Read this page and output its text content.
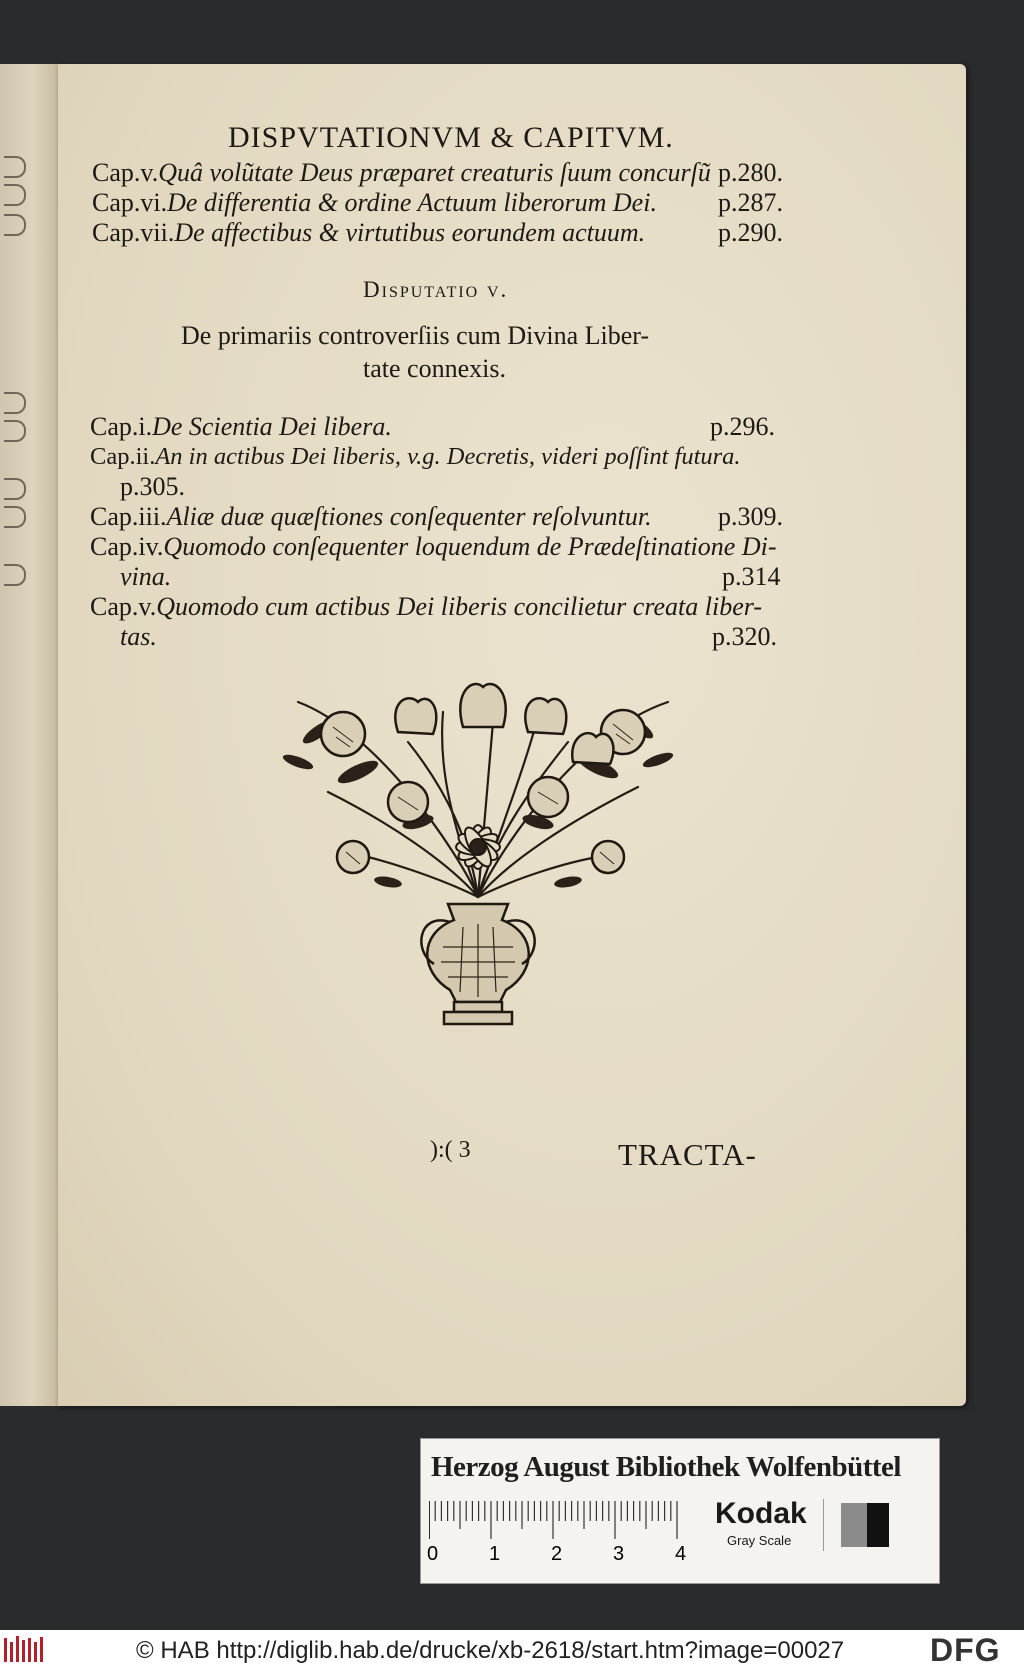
DISPVTATIONVM & CAPITVM.
Cap.v.Quâ volũtate Deus præparet creaturis ſuum concurſũ p.280.
Cap.vi.De differentia & ordine Actuum liberorum Dei. p.287.
Cap.vii.De affectibus & virtutibus eorundem actuum.	p.290.
Disputatio v.
De primariis controverſiis cum Divina Liber-
tate connexis.
Cap.i.De Scientia Dei libera.	p.296.
Cap.ii.An in actibus Dei liberis, v.g. Decretis, videri poſſint futura.
p.305.
Cap.iii.Aliæ duæ quæſtiones conſequenter reſolvuntur.	p.309.
Cap.iv.Quomodo conſequenter loquendum de Prædeſtinatione Di-
vina.	p.314
Cap.v.Quomodo cum actibus Dei liberis concilietur creata liber-
tas.	p.320.
):( 3	TRACTA-
Herzog August Bibliothek Wolfenbüttel
0	1	2	3	4
Kodak
Gray Scale
© HAB http://diglib.hab.de/drucke/xb-2618/start.htm?image=00027	DFG
